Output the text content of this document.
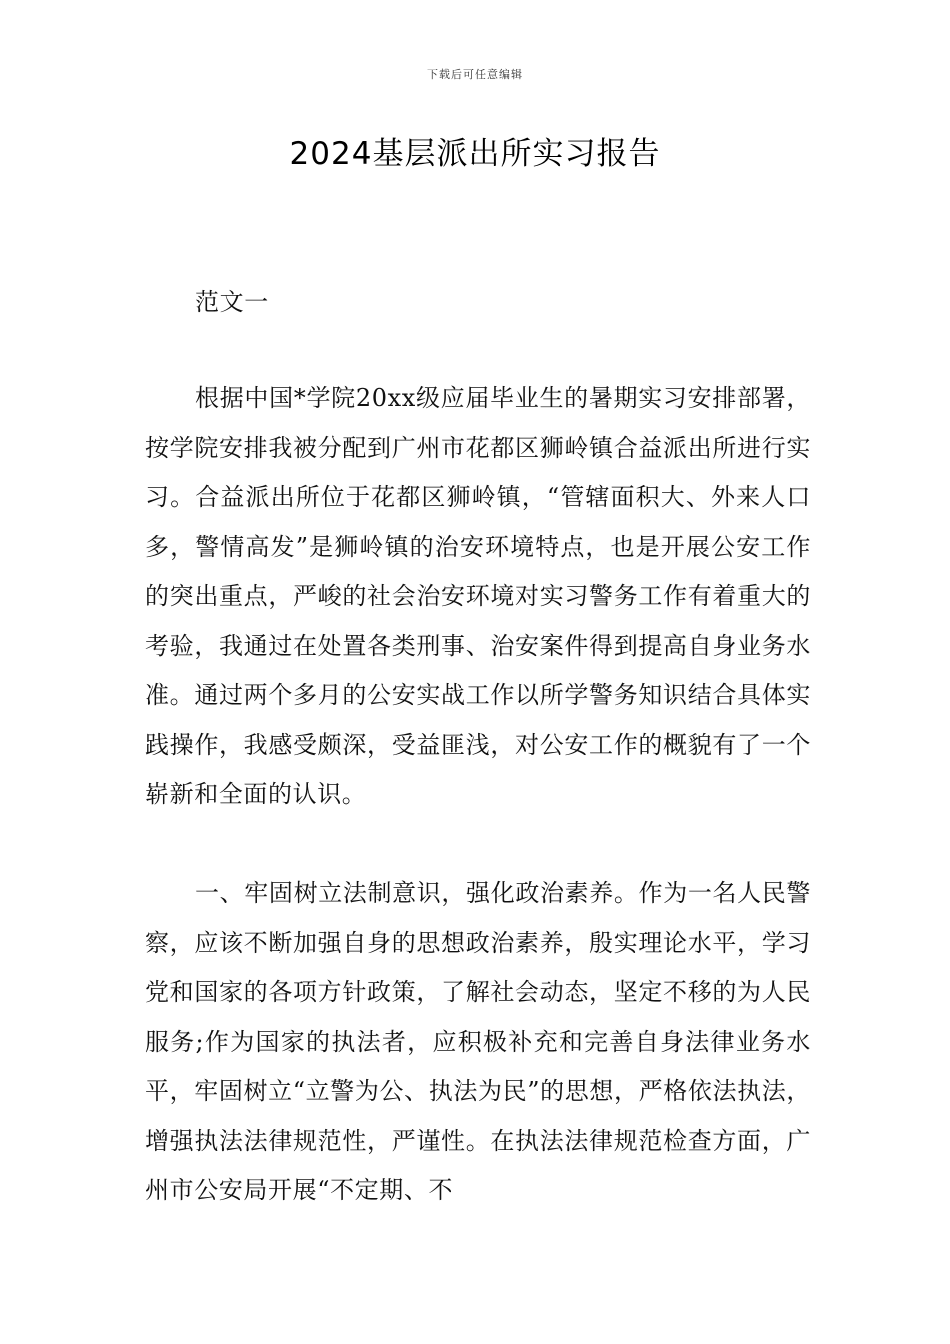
下载后可任意编辑
2024基层派出所实习报告
范文一
根据中国*学院20xx级应届毕业生的暑期实习安排部署，按学院安排我被分配到广州市花都区狮岭镇合益派出所进行实习。合益派出所位于花都区狮岭镇，“管辖面积大、外来人口多，警情高发”是狮岭镇的治安环境特点，也是开展公安工作的突出重点，严峻的社会治安环境对实习警务工作有着重大的考验，我通过在处置各类刑事、治安案件得到提高自身业务水准。通过两个多月的公安实战工作以所学警务知识结合具体实践操作，我感受颇深，受益匪浅，对公安工作的概貌有了一个崭新和全面的认识。
一、牢固树立法制意识，强化政治素养。作为一名人民警察，应该不断加强自身的思想政治素养，殷实理论水平，学习党和国家的各项方针政策，了解社会动态，坚定不移的为人民服务;作为国家的执法者，应积极补充和完善自身法律业务水平，牢固树立“立警为公、执法为民”的思想，严格依法执法，增强执法法律规范性，严谨性。在执法法律规范检查方面，广州市公安局开展“不定期、不
